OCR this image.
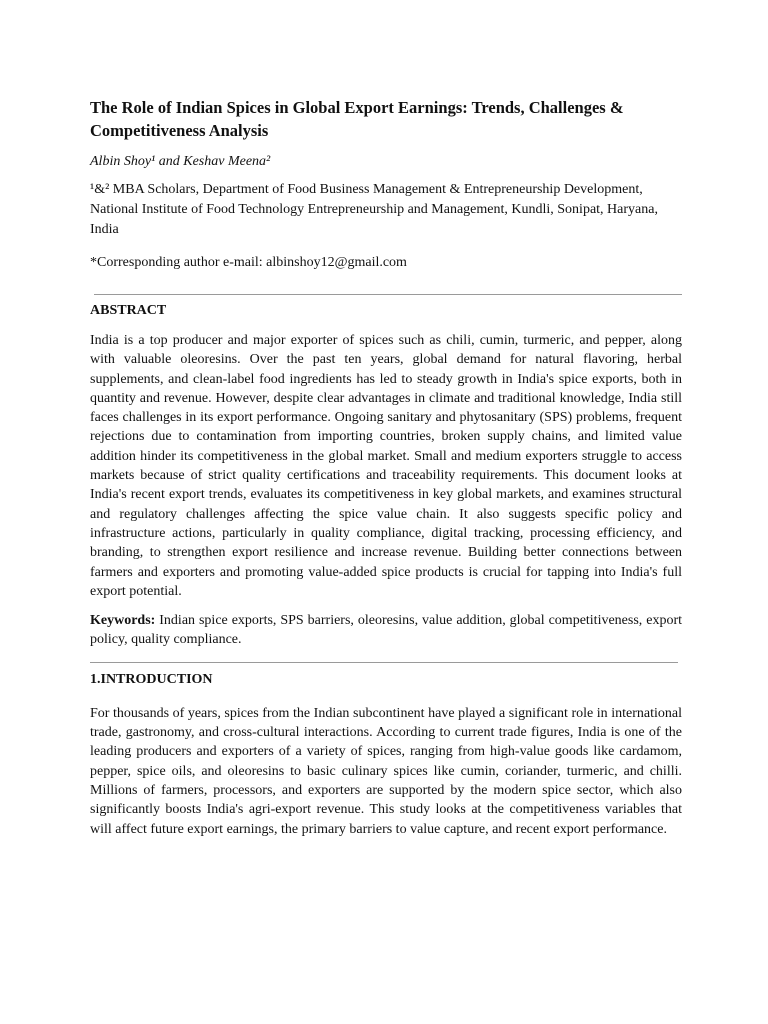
The Role of Indian Spices in Global Export Earnings: Trends, Challenges & Competitiveness Analysis

Albin Shoy¹ and Keshav Meena²

¹&² MBA Scholars, Department of Food Business Management & Entrepreneurship Development, National Institute of Food Technology Entrepreneurship and Management, Kundli, Sonipat, Haryana, India

*Corresponding author e-mail: albinshoy12@gmail.com

ABSTRACT

India is a top producer and major exporter of spices such as chili, cumin, turmeric, and pepper, along with valuable oleoresins. Over the past ten years, global demand for natural flavoring, herbal supplements, and clean-label food ingredients has led to steady growth in India's spice exports, both in quantity and revenue. However, despite clear advantages in climate and traditional knowledge, India still faces challenges in its export performance. Ongoing sanitary and phytosanitary (SPS) problems, frequent rejections due to contamination from importing countries, broken supply chains, and limited value addition hinder its competitiveness in the global market. Small and medium exporters struggle to access markets because of strict quality certifications and traceability requirements. This document looks at India's recent export trends, evaluates its competitiveness in key global markets, and examines structural and regulatory challenges affecting the spice value chain. It also suggests specific policy and infrastructure actions, particularly in quality compliance, digital tracking, processing efficiency, and branding, to strengthen export resilience and increase revenue. Building better connections between farmers and exporters and promoting value-added spice products is crucial for tapping into India's full export potential.

Keywords: Indian spice exports, SPS barriers, oleoresins, value addition, global competitiveness, export policy, quality compliance.

1.INTRODUCTION

For thousands of years, spices from the Indian subcontinent have played a significant role in international trade, gastronomy, and cross-cultural interactions. According to current trade figures, India is one of the leading producers and exporters of a variety of spices, ranging from high-value goods like cardamom, pepper, spice oils, and oleoresins to basic culinary spices like cumin, coriander, turmeric, and chilli. Millions of farmers, processors, and exporters are supported by the modern spice sector, which also significantly boosts India's agri-export revenue. This study looks at the competitiveness variables that will affect future export earnings, the primary barriers to value capture, and recent export performance.
